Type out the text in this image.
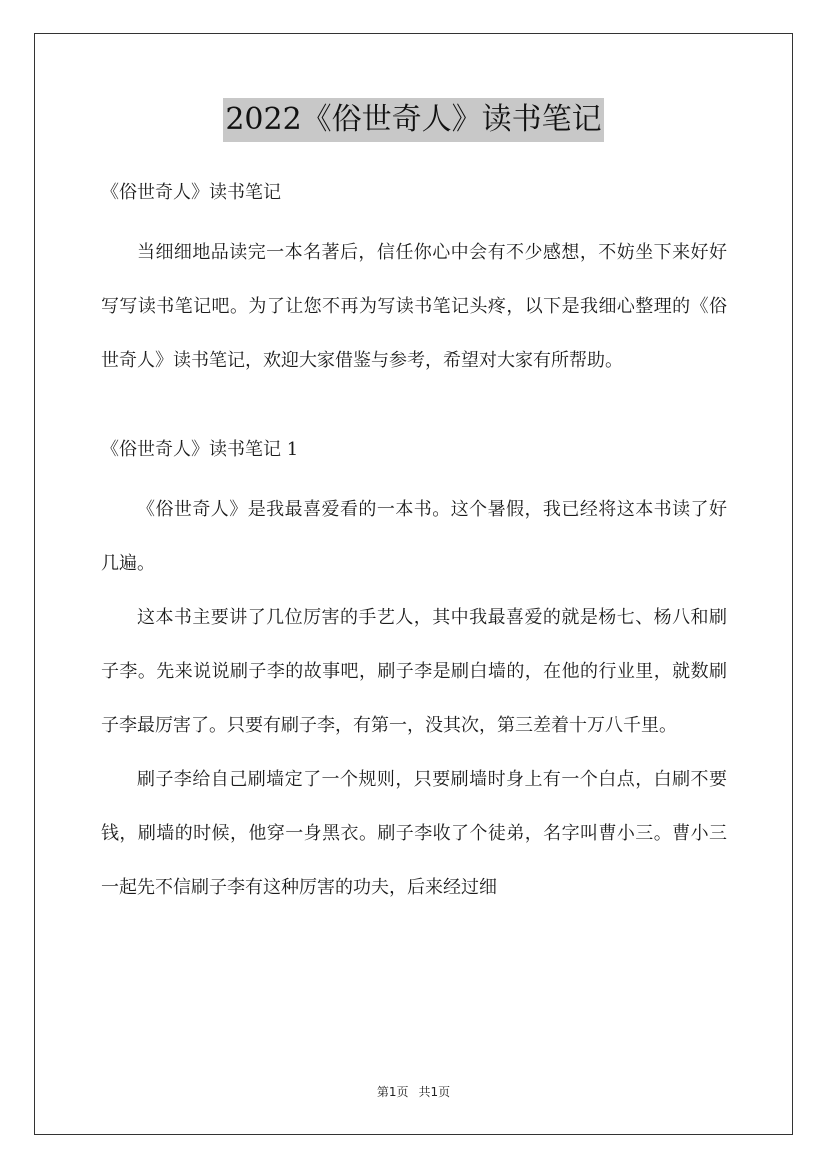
2022《俗世奇人》读书笔记

《俗世奇人》读书笔记

当细细地品读完一本名著后，信任你心中会有不少感想，不妨坐下来好好写写读书笔记吧。为了让您不再为写读书笔记头疼，以下是我细心整理的《俗世奇人》读书笔记，欢迎大家借鉴与参考，希望对大家有所帮助。

《俗世奇人》读书笔记 1

《俗世奇人》是我最喜爱看的一本书。这个暑假，我已经将这本书读了好几遍。

这本书主要讲了几位厉害的手艺人，其中我最喜爱的就是杨七、杨八和刷子李。先来说说刷子李的故事吧，刷子李是刷白墙的，在他的行业里，就数刷子李最厉害了。只要有刷子李，有第一，没其次，第三差着十万八千里。

刷子李给自己刷墙定了一个规则，只要刷墙时身上有一个白点，白刷不要钱，刷墙的时候，他穿一身黑衣。刷子李收了个徒弟，名字叫曹小三。曹小三一起先不信刷子李有这种厉害的功夫，后来经过细

第1页 共1页
